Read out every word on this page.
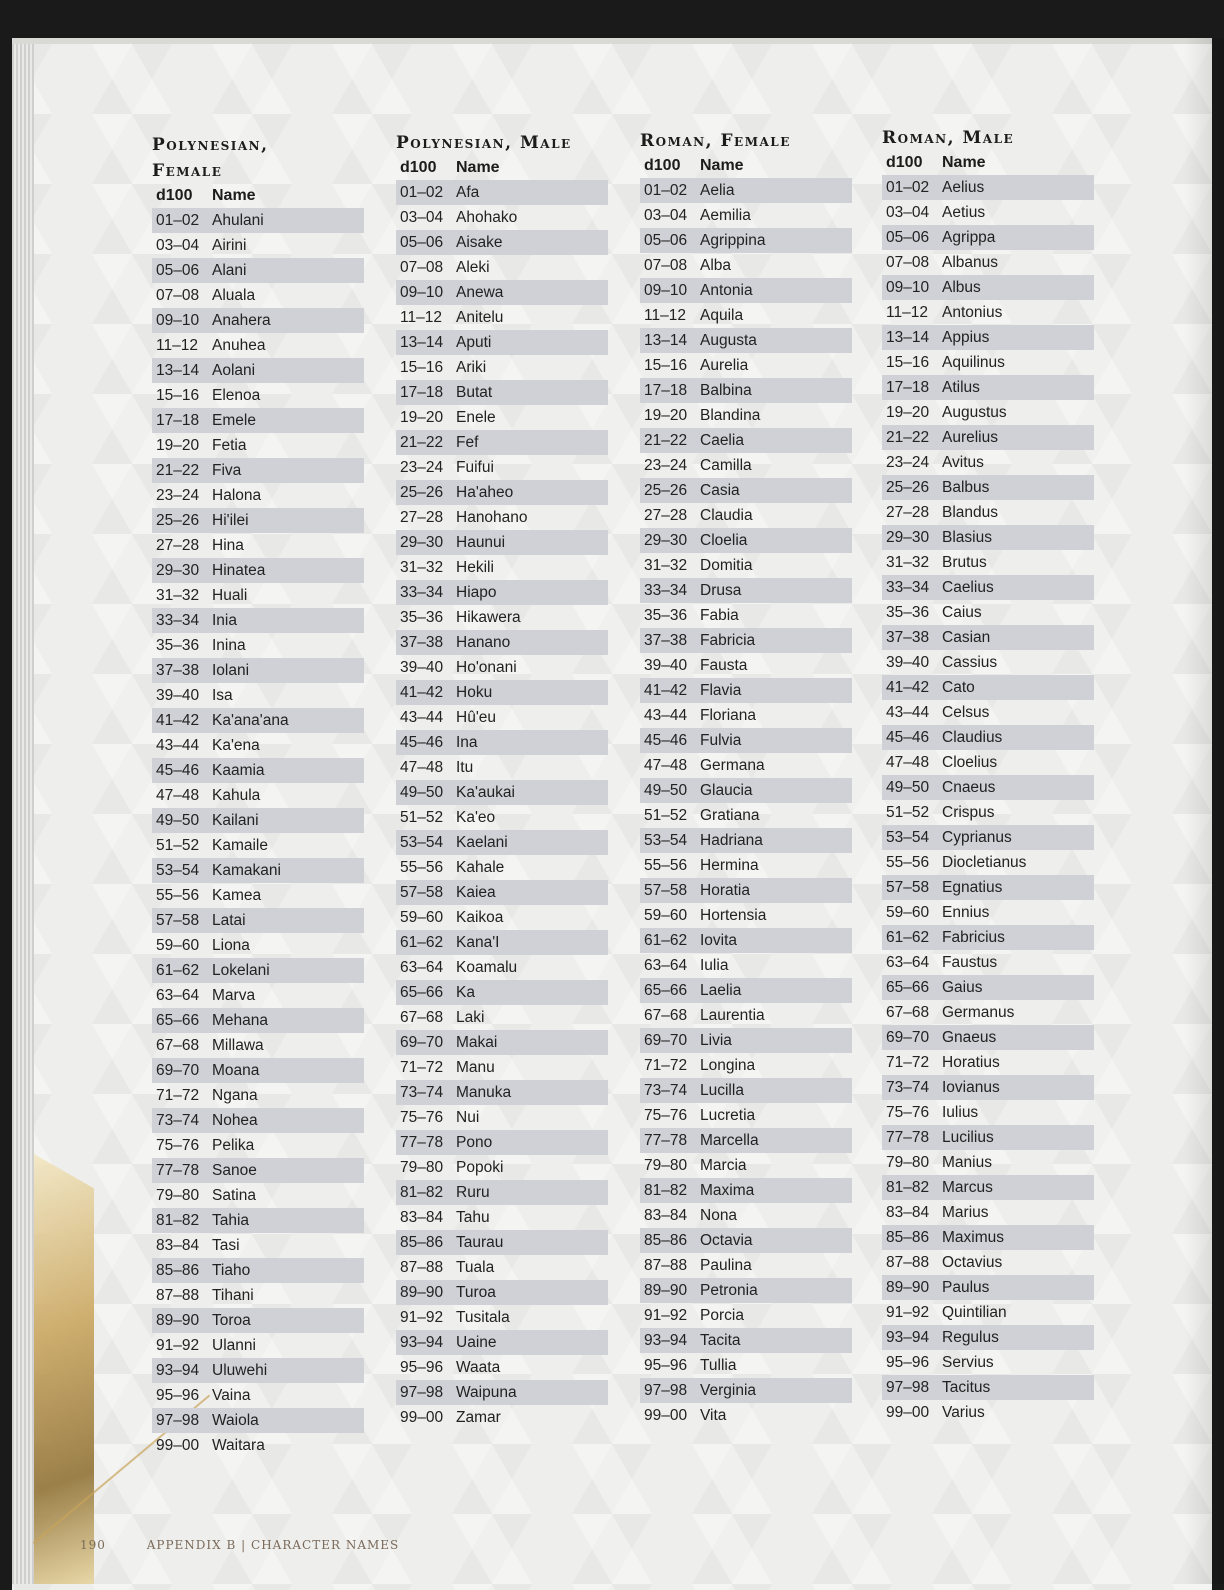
Polynesian, Female
d100	Name
01–02 Ahulani
03–04 Airini
05–06 Alani
07–08 Aluala
09–10 Anahera
11–12 Anuhea
13–14 Aolani
15–16 Elenoa
17–18 Emele
19–20 Fetia
21–22 Fiva
23–24 Halona
25–26 Hi'ilei
27–28 Hina
29–30 Hinatea
31–32 Huali
33–34 Inia
35–36 Inina
37–38 Iolani
39–40 Isa
41–42 Ka'ana'ana
43–44 Ka'ena
45–46 Kaamia
47–48 Kahula
49–50 Kailani
51–52 Kamaile
53–54 Kamakani
55–56 Kamea
57–58 Latai
59–60 Liona
61–62 Lokelani
63–64 Marva
65–66 Mehana
67–68 Millawa
69–70 Moana
71–72 Ngana
73–74 Nohea
75–76 Pelika
77–78 Sanoe
79–80 Satina
81–82 Tahia
83–84 Tasi
85–86 Tiaho
87–88 Tihani
89–90 Toroa
91–92 Ulanni
93–94 Uluwehi
95–96 Vaina
97–98 Waiola
99–00 Waitara
Polynesian, Male
d100	Name
01–02 Afa
03–04 Ahohako
05–06 Aisake
07–08 Aleki
09–10 Anewa
11–12 Anitelu
13–14 Aputi
15–16 Ariki
17–18 Butat
19–20 Enele
21–22 Fef
23–24 Fuifui
25–26 Ha'aheo
27–28 Hanohano
29–30 Haunui
31–32 Hekili
33–34 Hiapo
35–36 Hikawera
37–38 Hanano
39–40 Ho'onani
41–42 Hoku
43–44 Hû'eu
45–46 Ina
47–48 Itu
49–50 Ka'aukai
51–52 Ka'eo
53–54 Kaelani
55–56 Kahale
57–58 Kaiea
59–60 Kaikoa
61–62 Kana'I
63–64 Koamalu
65–66 Ka
67–68 Laki
69–70 Makai
71–72 Manu
73–74 Manuka
75–76 Nui
77–78 Pono
79–80 Popoki
81–82 Ruru
83–84 Tahu
85–86 Taurau
87–88 Tuala
89–90 Turoa
91–92 Tusitala
93–94 Uaine
95–96 Waata
97–98 Waipuna
99–00 Zamar
Roman, Female
d100	Name
01–02 Aelia
03–04 Aemilia
05–06 Agrippina
07–08 Alba
09–10 Antonia
11–12 Aquila
13–14 Augusta
15–16 Aurelia
17–18 Balbina
19–20 Blandina
21–22 Caelia
23–24 Camilla
25–26 Casia
27–28 Claudia
29–30 Cloelia
31–32 Domitia
33–34 Drusa
35–36 Fabia
37–38 Fabricia
39–40 Fausta
41–42 Flavia
43–44 Floriana
45–46 Fulvia
47–48 Germana
49–50 Glaucia
51–52 Gratiana
53–54 Hadriana
55–56 Hermina
57–58 Horatia
59–60 Hortensia
61–62 Iovita
63–64 Iulia
65–66 Laelia
67–68 Laurentia
69–70 Livia
71–72 Longina
73–74 Lucilla
75–76 Lucretia
77–78 Marcella
79–80 Marcia
81–82 Maxima
83–84 Nona
85–86 Octavia
87–88 Paulina
89–90 Petronia
91–92 Porcia
93–94 Tacita
95–96 Tullia
97–98 Verginia
99–00 Vita
Roman, Male
d100	Name
01–02 Aelius
03–04 Aetius
05–06 Agrippa
07–08 Albanus
09–10 Albus
11–12 Antonius
13–14 Appius
15–16 Aquilinus
17–18 Atilus
19–20 Augustus
21–22 Aurelius
23–24 Avitus
25–26 Balbus
27–28 Blandus
29–30 Blasius
31–32 Brutus
33–34 Caelius
35–36 Caius
37–38 Casian
39–40 Cassius
41–42 Cato
43–44 Celsus
45–46 Claudius
47–48 Cloelius
49–50 Cnaeus
51–52 Crispus
53–54 Cyprianus
55–56 Diocletianus
57–58 Egnatius
59–60 Ennius
61–62 Fabricius
63–64 Faustus
65–66 Gaius
67–68 Germanus
69–70 Gnaeus
71–72 Horatius
73–74 Iovianus
75–76 Iulius
77–78 Lucilius
79–80 Manius
81–82 Marcus
83–84 Marius
85–86 Maximus
87–88 Octavius
89–90 Paulus
91–92 Quintilian
93–94 Regulus
95–96 Servius
97–98 Tacitus
99–00 Varius
190	APPENDIX B | CHARACTER NAMES
